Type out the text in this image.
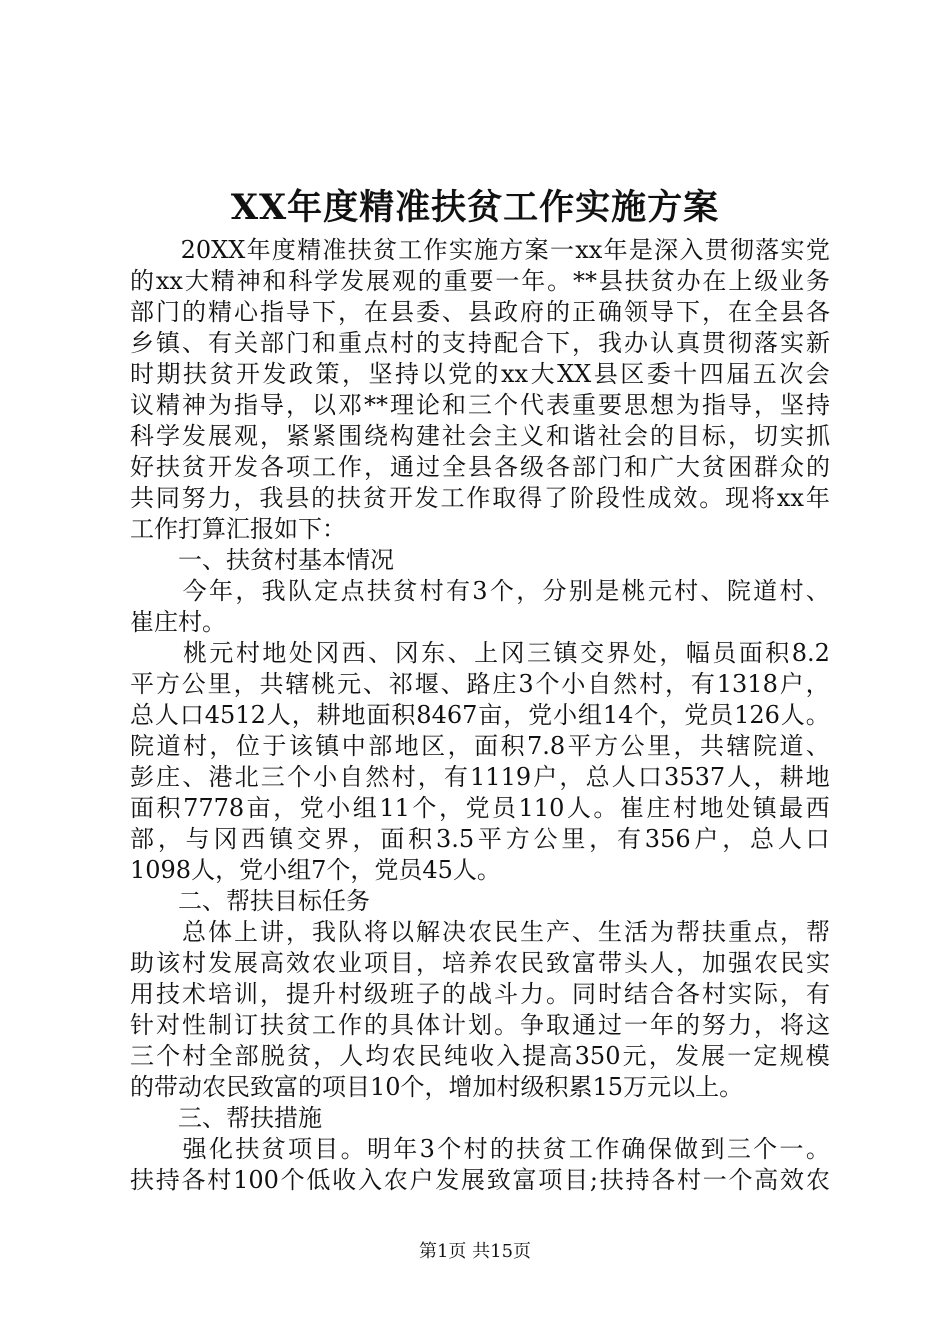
XX年度精准扶贫工作实施方案

20XX 年 度 精 准 扶 贫 工 作 实 施 方 案 一 xx 年 是 深 入 贯 彻 落 实 党
的 xx 大 精 神 和 科 学 发 展 观 的 重 要 一 年 。 ** 县 扶 贫 办 在 上 级 业 务
部 门 的 精 心 指 导 下 ， 在 县 委 、 县 政 府 的 正 确 领 导 下 ， 在 全 县 各
乡 镇 、 有 关 部 门 和 重 点 村 的 支 持 配 合 下 ， 我 办 认 真 贯 彻 落 实 新
时 期 扶 贫 开 发 政 策 ， 坚 持 以 党 的 xx 大 XX 县 区 委 十 四 届 五 次 会
议 精 神 为 指 导 ， 以 邓 ** 理 论 和 三 个 代 表 重 要 思 想 为 指 导 ， 坚 持
科 学 发 展 观 ， 紧 紧 围 绕 构 建 社 会 主 义 和 谐 社 会 的 目 标 ， 切 实 抓
好 扶 贫 开 发 各 项 工 作 ， 通 过 全 县 各 级 各 部 门 和 广 大 贫 困 群 众 的
共 同 努 力 ， 我 县 的 扶 贫 开 发 工 作 取 得 了 阶 段 性 成 效 。 现 将 xx 年
工作打算汇报如下：
　　一、扶贫村基本情况

今 年 ， 我 队 定 点 扶 贫 村 有 3 个 ， 分 别 是 桃 元 村 、 院 道 村 、
崔庄村。

桃 元 村 地 处 冈 西 、 冈 东 、 上 冈 三 镇 交 界 处 ， 幅 员 面 积 8.2
平 方 公 里 ， 共 辖 桃 元 、 祁 堰 、 路 庄 3 个 小 自 然 村 ， 有 1318 户 ，
总 人 口 4512 人 ， 耕 地 面 积 8467 亩 ， 党 小 组 14 个 ， 党 员 126 人 。
院 道 村 ， 位 于 该 镇 中 部 地 区 ， 面 积 7.8 平 方 公 里 ， 共 辖 院 道 、
彭 庄 、 港 北 三 个 小 自 然 村 ， 有 1119 户 ， 总 人 口 3537 人 ， 耕 地
面 积 7778 亩 ， 党 小 组 11 个 ， 党 员 110 人 。 崔 庄 村 地 处 镇 最 西
部 ， 与 冈 西 镇 交 界 ， 面 积 3.5 平 方 公 里 ， 有 356 户 ， 总 人 口
1098人，党小组7个，党员45人。
　　二、帮扶目标任务

总 体 上 讲 ， 我 队 将 以 解 决 农 民 生 产 、 生 活 为 帮 扶 重 点 ， 帮
助 该 村 发 展 高 效 农 业 项 目 ， 培 养 农 民 致 富 带 头 人 ， 加 强 农 民 实
用 技 术 培 训 ， 提 升 村 级 班 子 的 战 斗 力 。 同 时 结 合 各 村 实 际 ， 有
针 对 性 制 订 扶 贫 工 作 的 具 体 计 划 。 争 取 通 过 一 年 的 努 力 ， 将 这
三 个 村 全 部 脱 贫 ， 人 均 农 民 纯 收 入 提 高 350 元 ， 发 展 一 定 规 模
的带动农民致富的项目10个，增加村级积累15万元以上。
　　三、帮扶措施

强 化 扶 贫 项 目 。 明 年 3 个 村 的 扶 贫 工 作 确 保 做 到 三 个 一 。
扶 持 各 村 100 个 低 收 入 农 户 发 展 致 富 项 目 ; 扶 持 各 村 一 个 高 效 农
第1页 共15页
